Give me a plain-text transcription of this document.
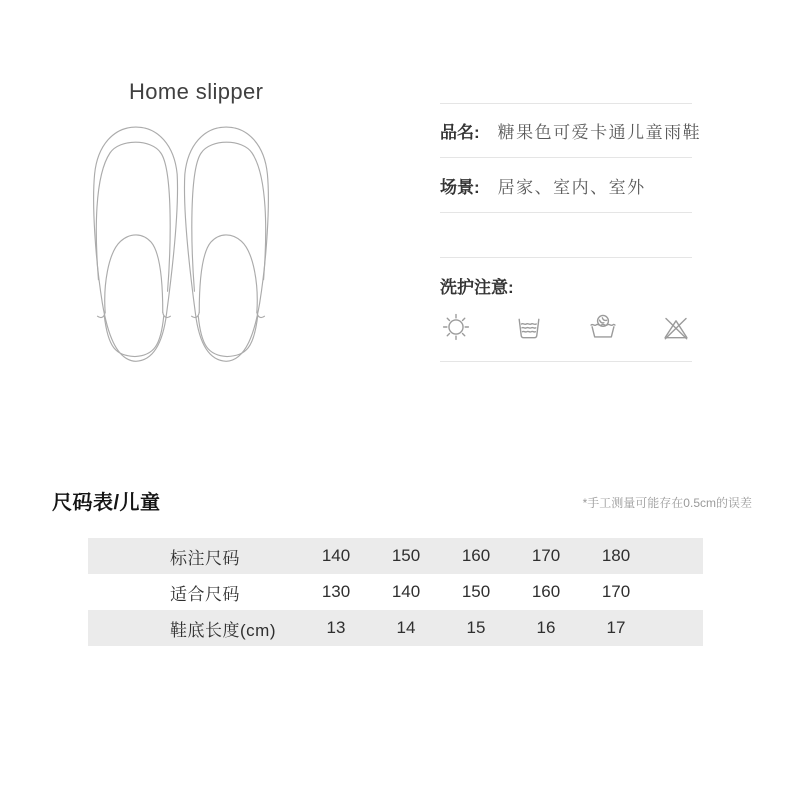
Home slipper
品名: 糖果色可爱卡通儿童雨鞋
场景: 居家、室内、室外
洗护注意:
尺码表/儿童	*手工测量可能存在0.5cm的误差
标注尺码	140	150	160	170	180
适合尺码	130	140	150	160	170
鞋底长度(cm)	13	14	15	16	17
